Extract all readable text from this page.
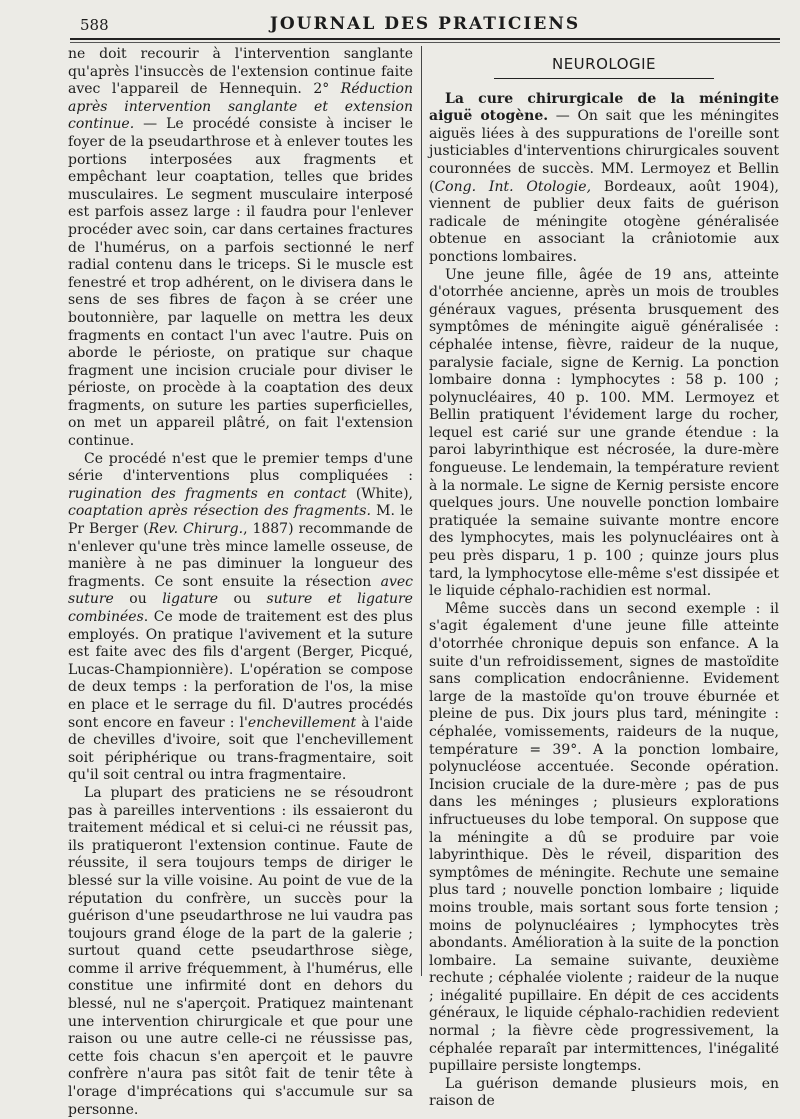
588	JOURNAL DES PRATICIENS

ne doit recourir à l'intervention sanglante qu'après l'insuccès de l'extension continue faite avec l'appareil de Hennequin. 2° Réduction après intervention sanglante et extension continue. — Le procédé consiste à inciser le foyer de la pseudarthrose et à enlever toutes les portions interposées aux fragments et empêchant leur coaptation, telles que brides musculaires. Le segment musculaire interposé est parfois assez large : il faudra pour l'enlever procéder avec soin, car dans certaines fractures de l'humérus, on a parfois sectionné le nerf radial contenu dans le triceps. Si le muscle est fenestré et trop adhérent, on le divisera dans le sens de ses fibres de façon à se créer une boutonnière, par laquelle on mettra les deux fragments en contact l'un avec l'autre. Puis on aborde le périoste, on pratique sur chaque fragment une incision cruciale pour diviser le périoste, on procède à la coaptation des deux fragments, on suture les parties superficielles, on met un appareil plâtré, on fait l'extension continue.

Ce procédé n'est que le premier temps d'une série d'interventions plus compliquées : rugination des fragments en contact (White), coaptation après résection des fragments. M. le Pr Berger (Rev. Chirurg., 1887) recommande de n'enlever qu'une très mince lamelle osseuse, de manière à ne pas diminuer la longueur des fragments. Ce sont ensuite la résection avec suture ou ligature ou suture et ligature combinées. Ce mode de traitement est des plus employés. On pratique l'avivement et la suture est faite avec des fils d'argent (Berger, Picqué, Lucas-Championnière). L'opération se compose de deux temps : la perforation de l'os, la mise en place et le serrage du fil. D'autres procédés sont encore en faveur : l'enchevillement à l'aide de chevilles d'ivoire, soit que l'enchevillement soit périphérique ou trans-fragmentaire, soit qu'il soit central ou intra fragmentaire.

La plupart des praticiens ne se résoudront pas à pareilles interventions : ils essaieront du traitement médical et si celui-ci ne réussit pas, ils pratiqueront l'extension continue. Faute de réussite, il sera toujours temps de diriger le blessé sur la ville voisine. Au point de vue de la réputation du confrère, un succès pour la guérison d'une pseudarthrose ne lui vaudra pas toujours grand éloge de la part de la galerie ; surtout quand cette pseudarthrose siège, comme il arrive fréquemment, à l'humérus, elle constitue une infirmité dont en dehors du blessé, nul ne s'aperçoit. Pratiquez maintenant une intervention chirurgicale et que pour une raison ou une autre celle-ci ne réussisse pas, cette fois chacun s'en aperçoit et le pauvre confrère n'aura pas sitôt fait de tenir tête à l'orage d'imprécations qui s'accumule sur sa personne.

NEUROLOGIE

La cure chirurgicale de la méningite aiguë otogène. — On sait que les méningites aiguës liées à des suppurations de l'oreille sont justiciables d'interventions chirurgicales souvent couronnées de succès. MM. Lermoyez et Bellin (Cong. Int. Otologie, Bordeaux, août 1904), viennent de publier deux faits de guérison radicale de méningite otogène généralisée obtenue en associant la crâniotomie aux ponctions lombaires.

Une jeune fille, âgée de 19 ans, atteinte d'otorrhée ancienne, après un mois de troubles généraux vagues, présenta brusquement des symptômes de méningite aiguë généralisée : céphalée intense, fièvre, raideur de la nuque, paralysie faciale, signe de Kernig. La ponction lombaire donna : lymphocytes : 58 p. 100 ; polynucléaires, 40 p. 100. MM. Lermoyez et Bellin pratiquent l'évidement large du rocher, lequel est carié sur une grande étendue : la paroi labyrinthique est nécrosée, la dure-mère fongueuse. Le lendemain, la température revient à la normale. Le signe de Kernig persiste encore quelques jours. Une nouvelle ponction lombaire pratiquée la semaine suivante montre encore des lymphocytes, mais les polynucléaires ont à peu près disparu, 1 p. 100 ; quinze jours plus tard, la lymphocytose elle-même s'est dissipée et le liquide céphalo-rachidien est normal.

Même succès dans un second exemple : il s'agit également d'une jeune fille atteinte d'otorrhée chronique depuis son enfance. A la suite d'un refroidissement, signes de mastoïdite sans complication endocrânienne. Evidement large de la mastoïde qu'on trouve éburnée et pleine de pus. Dix jours plus tard, méningite : céphalée, vomissements, raideurs de la nuque, température = 39°. A la ponction lombaire, polynucléose accentuée. Seconde opération. Incision cruciale de la dure-mère ; pas de pus dans les méninges ; plusieurs explorations infructueuses du lobe temporal. On suppose que la méningite a dû se produire par voie labyrinthique. Dès le réveil, disparition des symptômes de méningite. Rechute une semaine plus tard ; nouvelle ponction lombaire ; liquide moins trouble, mais sortant sous forte tension ; moins de polynucléaires ; lymphocytes très abondants. Amélioration à la suite de la ponction lombaire. La semaine suivante, deuxième rechute ; céphalée violente ; raideur de la nuque ; inégalité pupillaire. En dépit de ces accidents généraux, le liquide céphalo-rachidien redevient normal ; la fièvre cède progressivement, la céphalée reparaît par intermittences, l'inégalité pupillaire persiste longtemps.

La guérison demande plusieurs mois, en raison de
